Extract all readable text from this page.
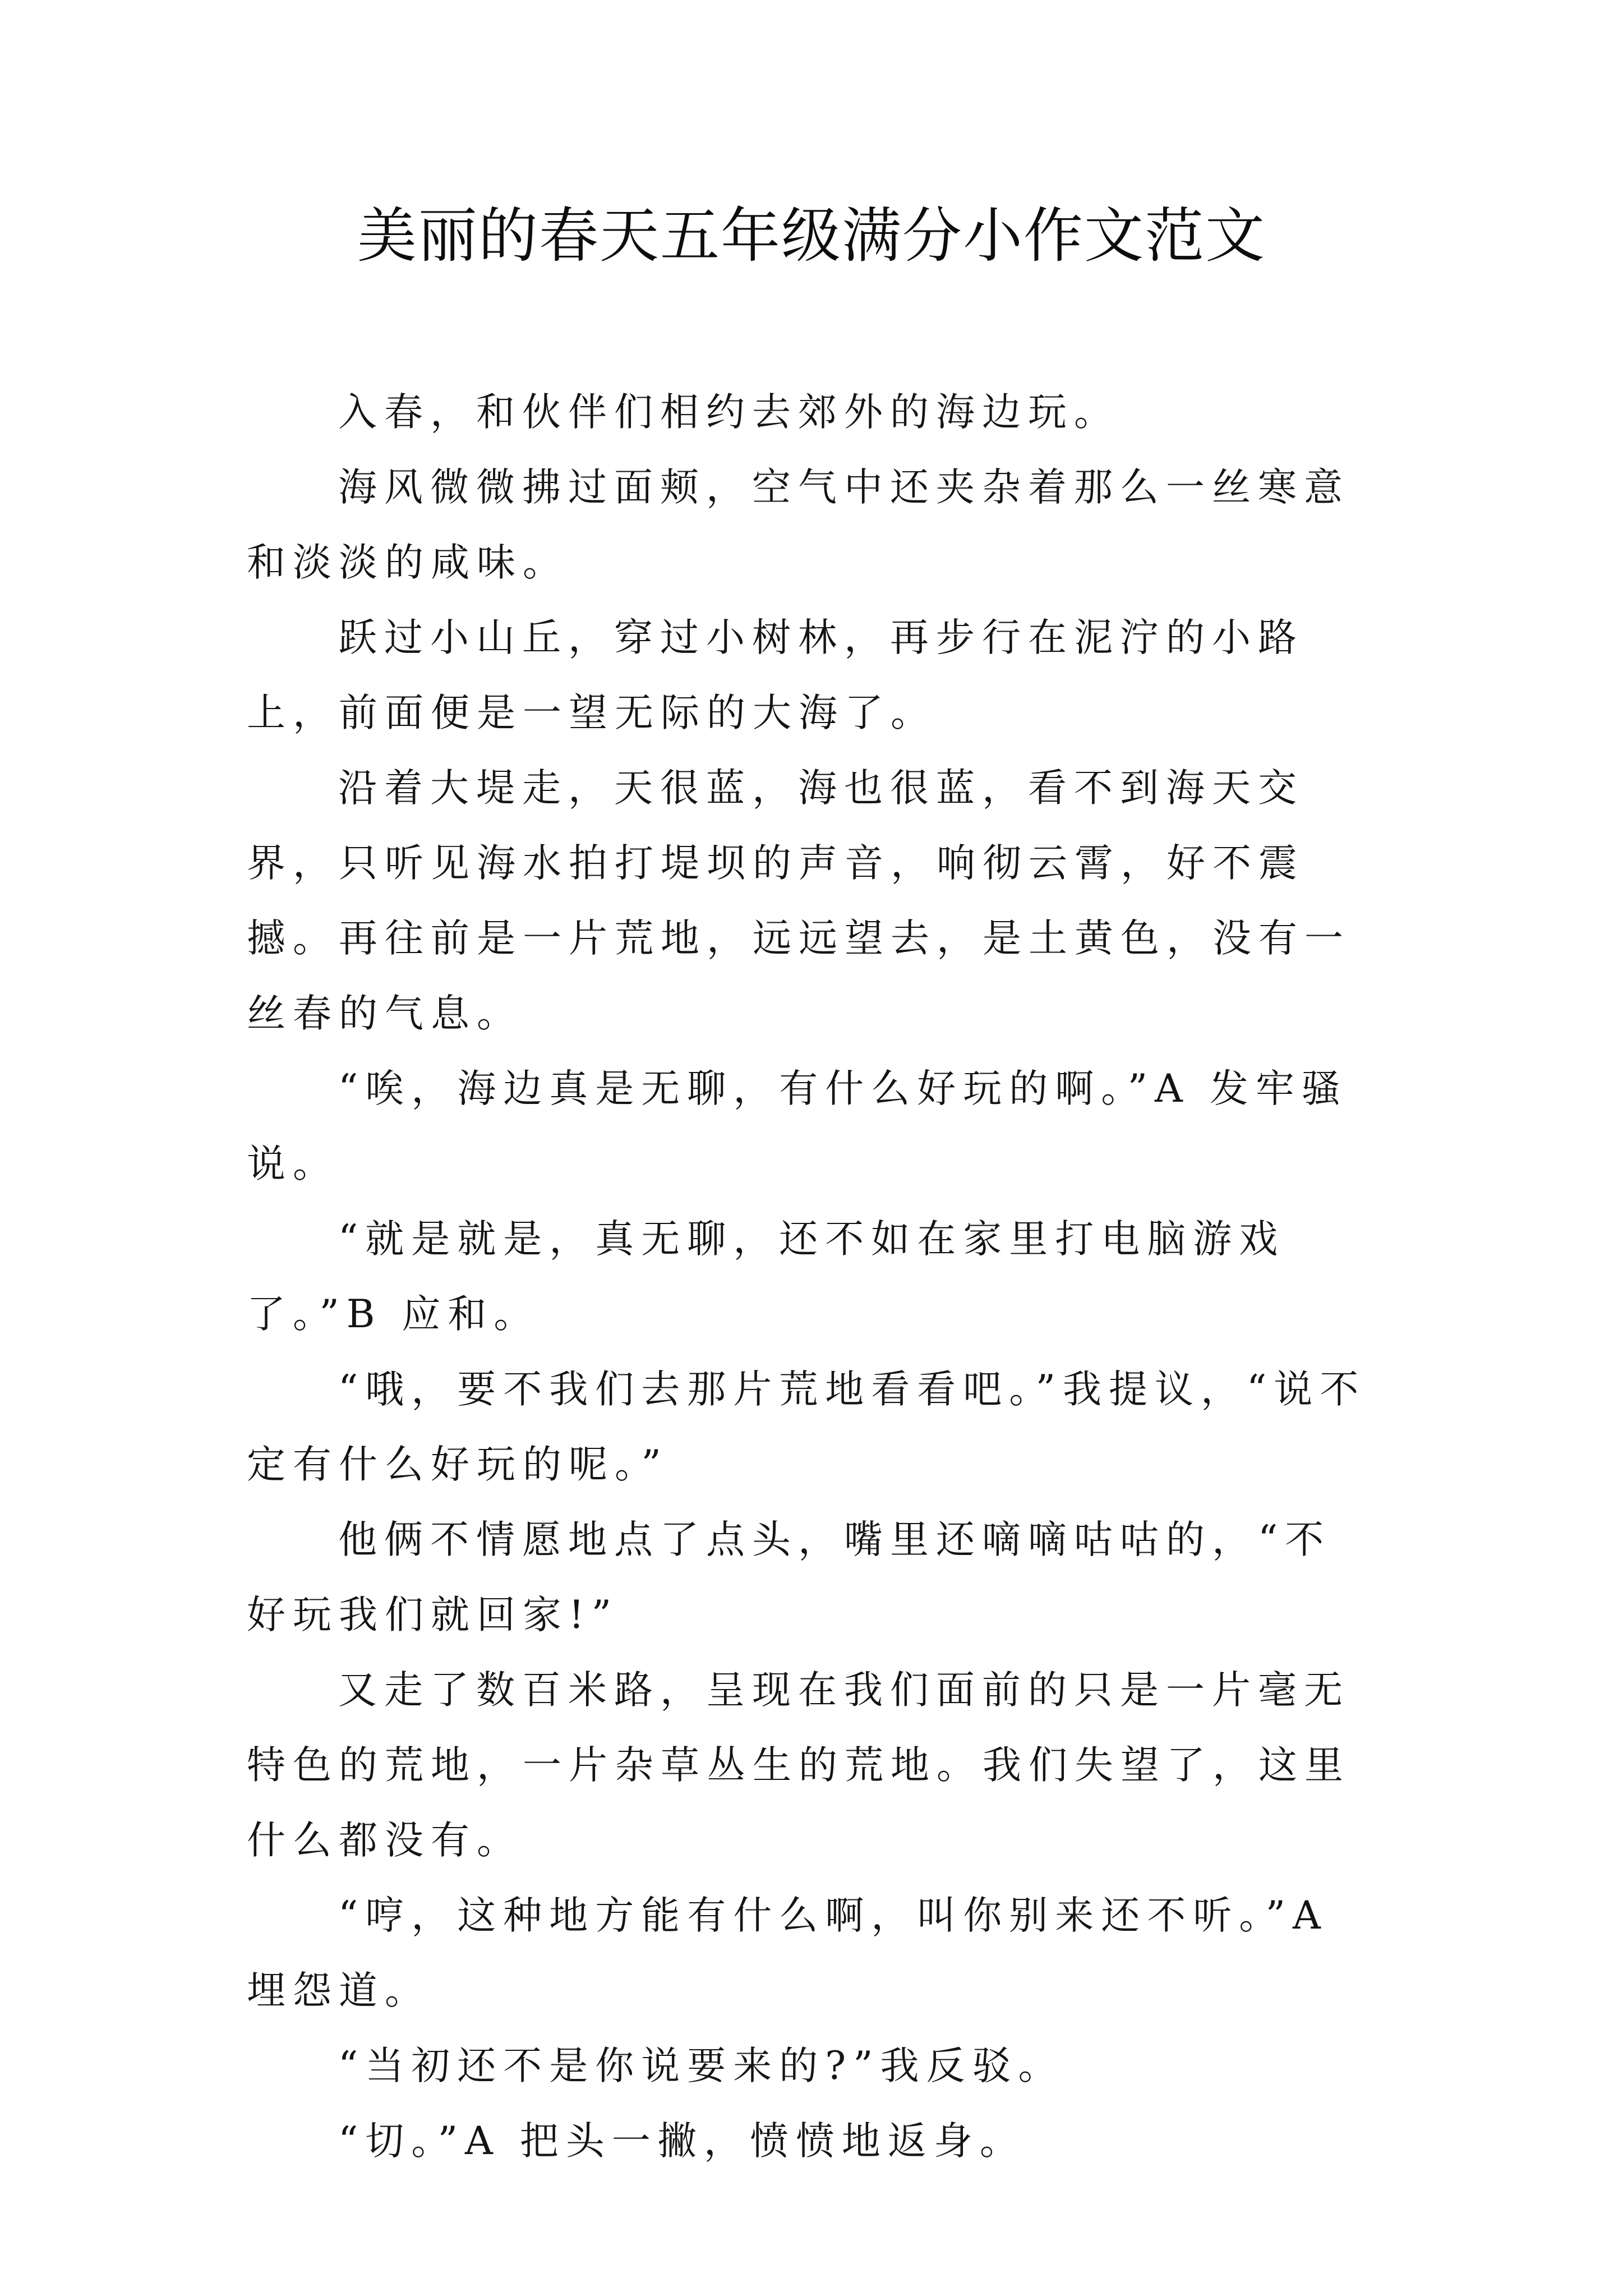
美丽的春天五年级满分小作文范文

入春，和伙伴们相约去郊外的海边玩。

海风微微拂过面颊，空气中还夹杂着那么一丝寒意和淡淡的咸味。

跃过小山丘，穿过小树林，再步行在泥泞的小路上，前面便是一望无际的大海了。

沿着大堤走，天很蓝，海也很蓝，看不到海天交界，只听见海水拍打堤坝的声音，响彻云霄，好不震撼。再往前是一片荒地，远远望去，是土黄色，没有一丝春的气息。

“唉，海边真是无聊，有什么好玩的啊。”A 发牢骚说。

“就是就是，真无聊，还不如在家里打电脑游戏了。”B 应和。

“哦，要不我们去那片荒地看看吧。”我提议，“说不定有什么好玩的呢。”

他俩不情愿地点了点头，嘴里还嘀嘀咕咕的，“不好玩我们就回家!”

又走了数百米路，呈现在我们面前的只是一片毫无特色的荒地，一片杂草丛生的荒地。我们失望了，这里什么都没有。

“哼，这种地方能有什么啊，叫你别来还不听。”A 埋怨道。

“当初还不是你说要来的?”我反驳。

“切。”A 把头一撇，愤愤地返身。
